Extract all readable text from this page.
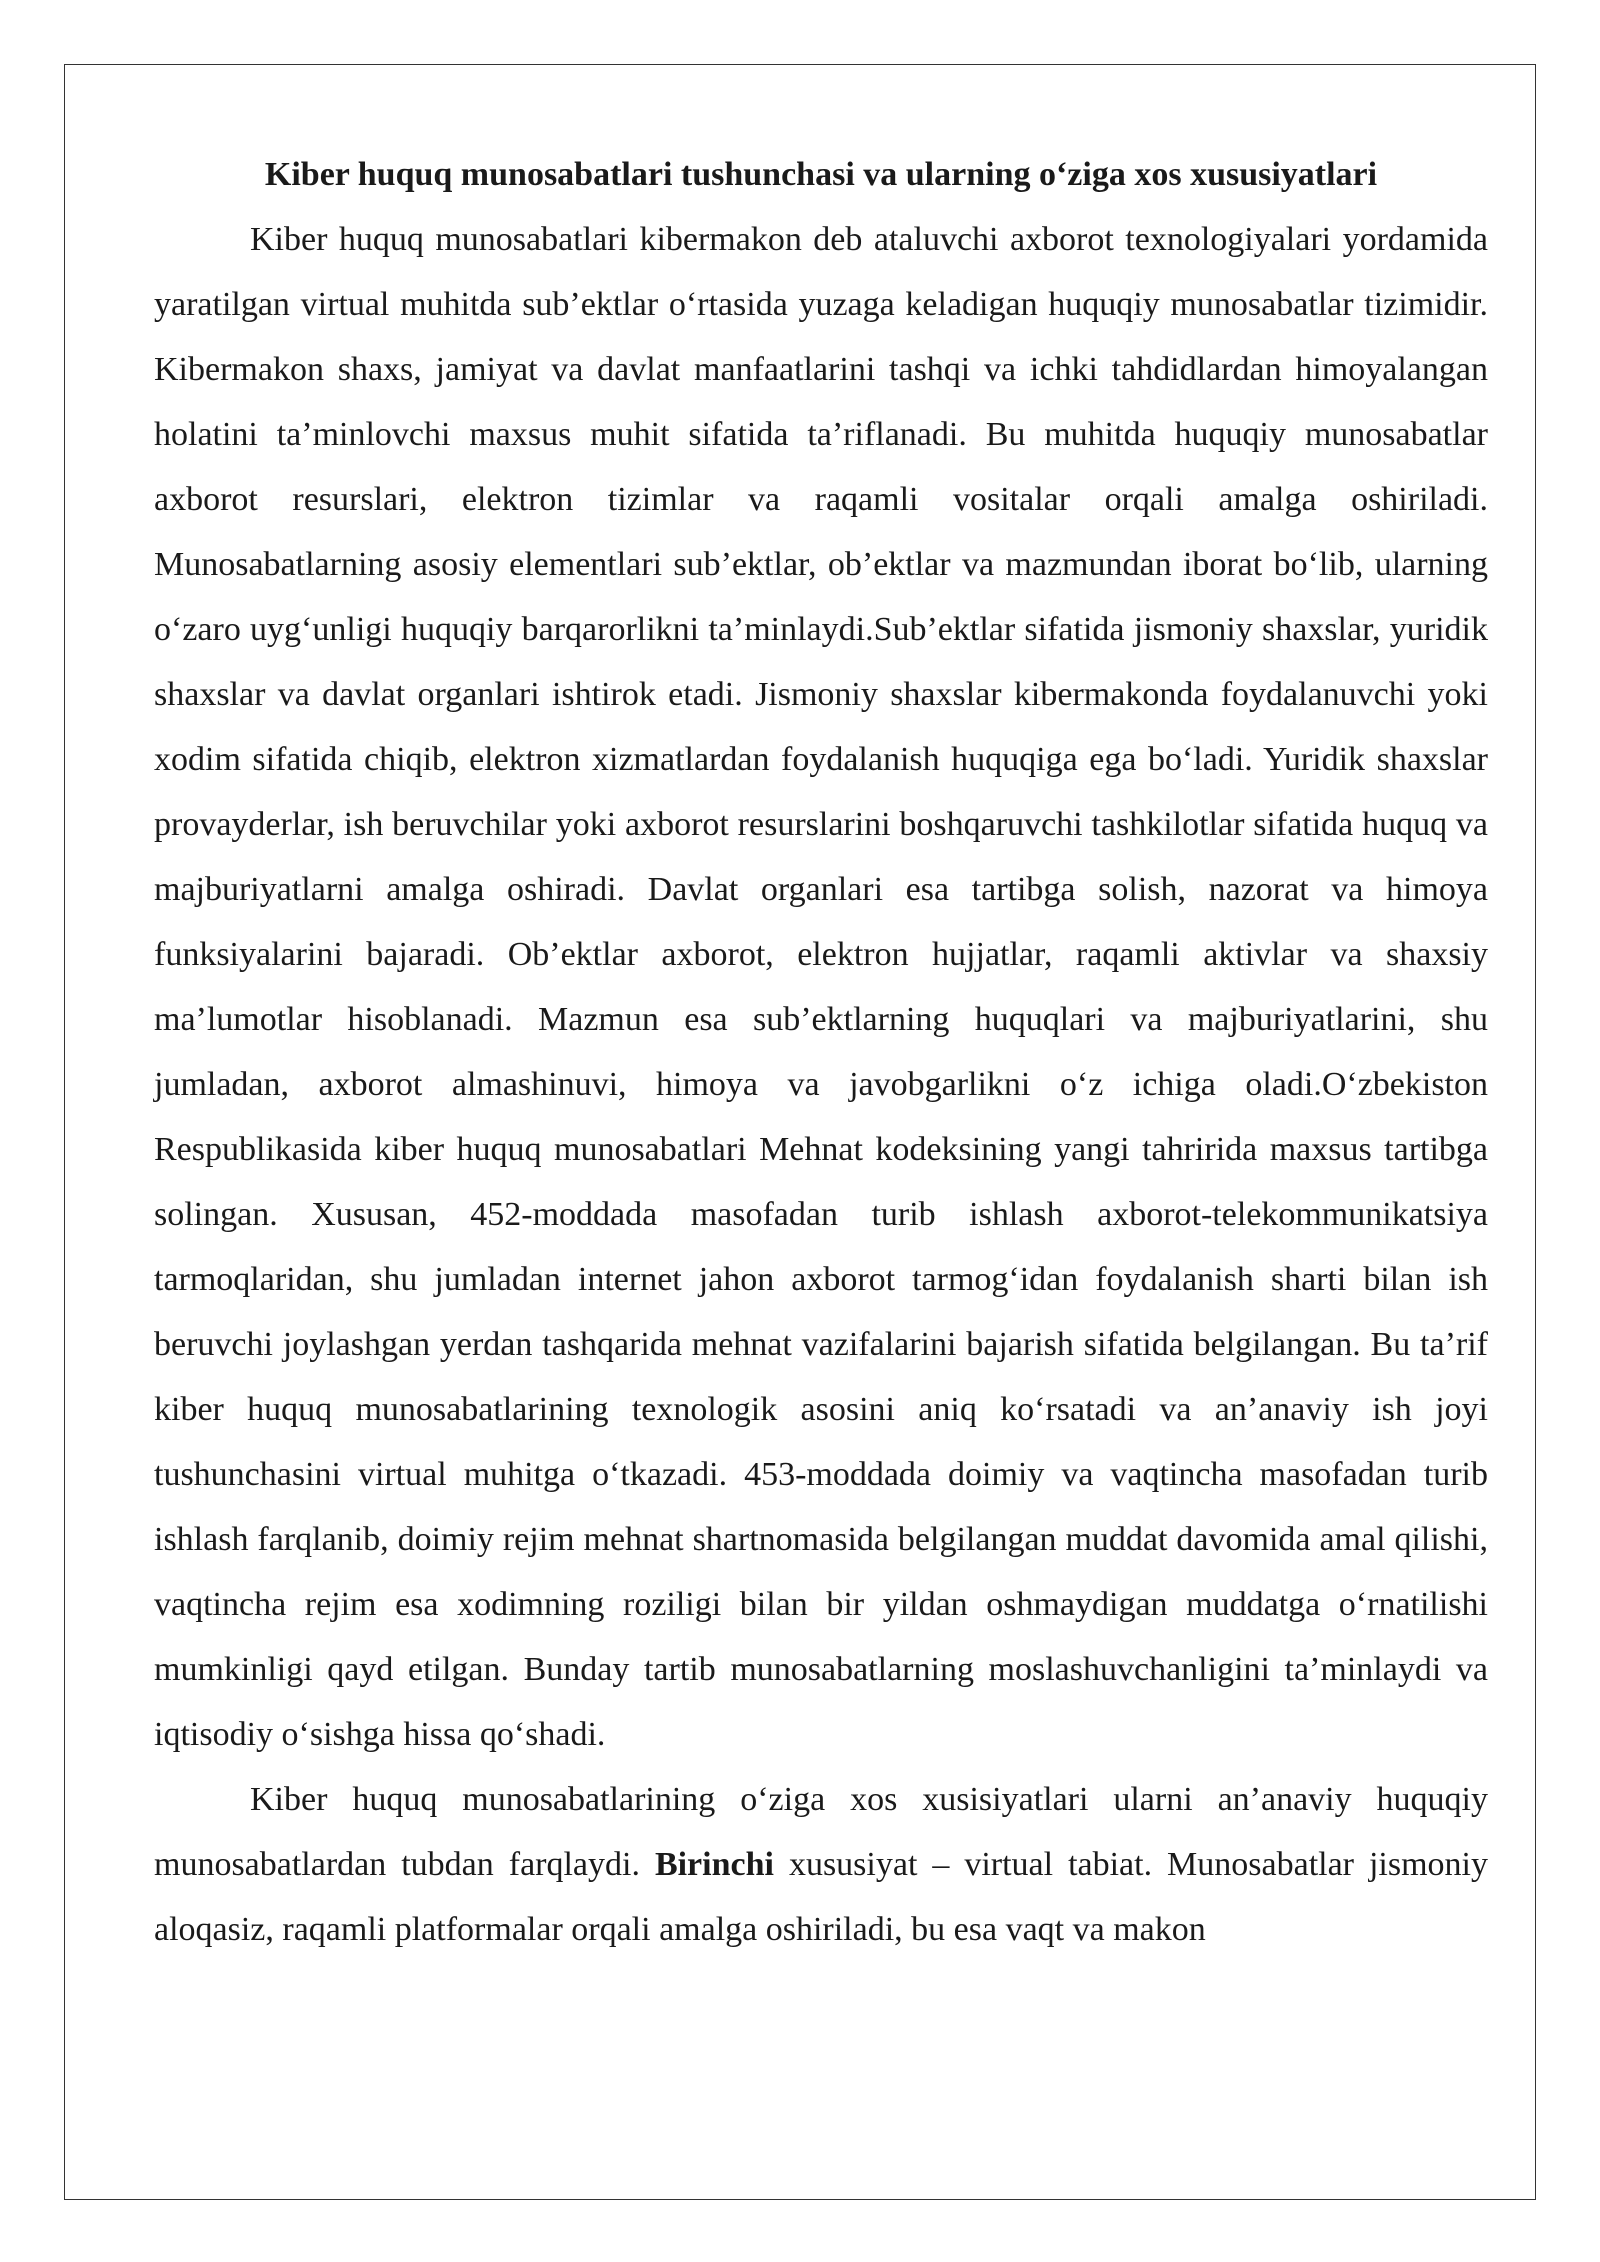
Kiber huquq munosabatlari tushunchasi va ularning o‘ziga xos xususiyatlari

Kiber huquq munosabatlari kibermakon deb ataluvchi axborot texnologiyalari yordamida yaratilgan virtual muhitda sub’ektlar o‘rtasida yuzaga keladigan huquqiy munosabatlar tizimidir. Kibermakon shaxs, jamiyat va davlat manfaatlarini tashqi va ichki tahdidlardan himoyalangan holatini ta’minlovchi maxsus muhit sifatida ta’riflanadi. Bu muhitda huquqiy munosabatlar axborot resurslari, elektron tizimlar va raqamli vositalar orqali amalga oshiriladi. Munosabatlarning asosiy elementlari sub’ektlar, ob’ektlar va mazmundan iborat bo‘lib, ularning o‘zaro uyg‘unligi huquqiy barqarorlikni ta’minlaydi.Sub’ektlar sifatida jismoniy shaxslar, yuridik shaxslar va davlat organlari ishtirok etadi. Jismoniy shaxslar kibermakonda foydalanuvchi yoki xodim sifatida chiqib, elektron xizmatlardan foydalanish huquqiga ega bo‘ladi. Yuridik shaxslar provayderlar, ish beruvchilar yoki axborot resurslarini boshqaruvchi tashkilotlar sifatida huquq va majburiyatlarni amalga oshiradi. Davlat organlari esa tartibga solish, nazorat va himoya funksiyalarini bajaradi. Ob’ektlar axborot, elektron hujjatlar, raqamli aktivlar va shaxsiy ma’lumotlar hisoblanadi. Mazmun esa sub’ektlarning huquqlari va majburiyatlarini, shu jumladan, axborot almashinuvi, himoya va javobgarlikni o‘z ichiga oladi.O‘zbekiston Respublikasida kiber huquq munosabatlari Mehnat kodeksining yangi tahririda maxsus tartibga solingan. Xususan, 452-moddada masofadan turib ishlash axborot-telekommunikatsiya tarmoqlaridan, shu jumladan internet jahon axborot tarmog‘idan foydalanish sharti bilan ish beruvchi joylashgan yerdan tashqarida mehnat vazifalarini bajarish sifatida belgilangan. Bu ta’rif kiber huquq munosabatlarining texnologik asosini aniq ko‘rsatadi va an’anaviy ish joyi tushunchasini virtual muhitga o‘tkazadi. 453-moddada doimiy va vaqtincha masofadan turib ishlash farqlanib, doimiy rejim mehnat shartnomasida belgilangan muddat davomida amal qilishi, vaqtincha rejim esa xodimning roziligi bilan bir yildan oshmaydigan muddatga o‘rnatilishi mumkinligi qayd etilgan. Bunday tartib munosabatlarning moslashuvchanligini ta’minlaydi va iqtisodiy o‘sishga hissa qo‘shadi.

Kiber huquq munosabatlarining o‘ziga xos xusisiyatlari ularni an’anaviy huquqiy munosabatlardan tubdan farqlaydi. Birinchi xususiyat – virtual tabiat. Munosabatlar jismoniy aloqasiz, raqamli platformalar orqali amalga oshiriladi, bu esa vaqt va makon
